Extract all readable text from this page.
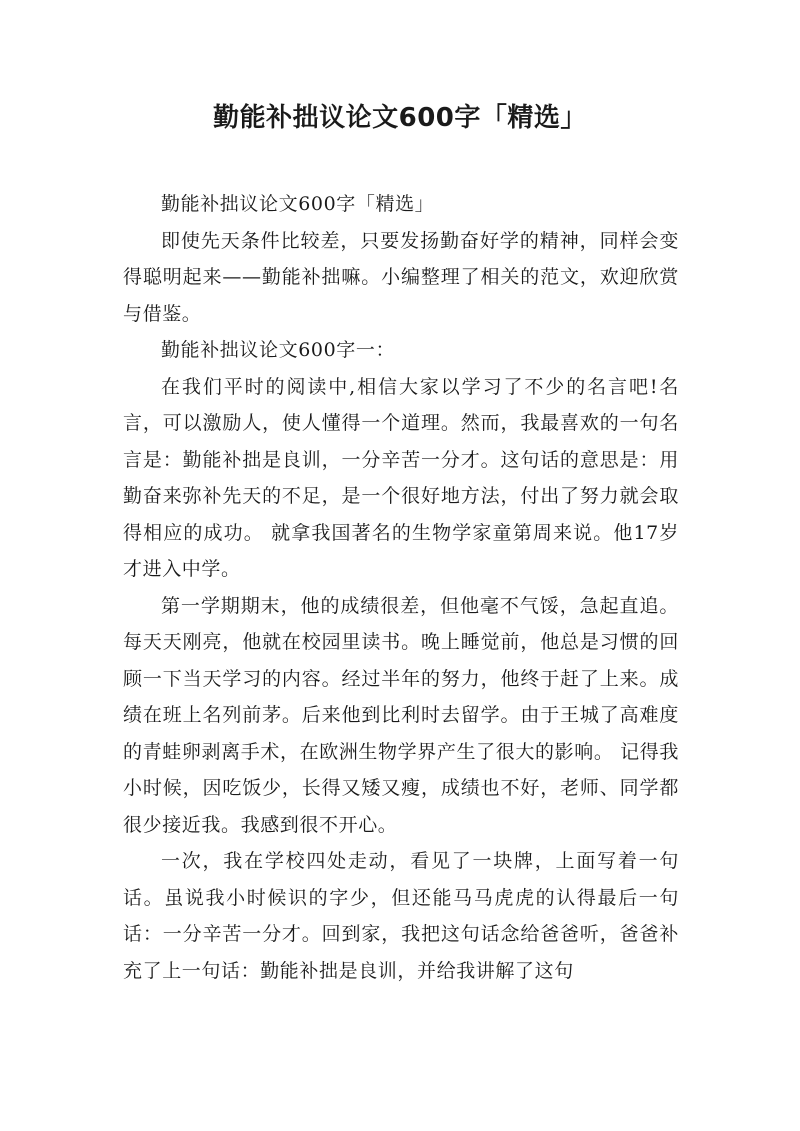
勤能补拙议论文600字「精选」

勤能补拙议论文600字「精选」

即使先天条件比较差，只要发扬勤奋好学的精神，同样会变得聪明起来——勤能补拙嘛。小编整理了相关的范文，欢迎欣赏与借鉴。

勤能补拙议论文600字一：

在我们平时的阅读中,相信大家以学习了不少的名言吧!名言，可以激励人，使人懂得一个道理。然而，我最喜欢的一句名言是：勤能补拙是良训，一分辛苦一分才。这句话的意思是：用勤奋来弥补先天的不足，是一个很好地方法，付出了努力就会取得相应的成功。 就拿我国著名的生物学家童第周来说。他17岁才进入中学。

第一学期期末，他的成绩很差，但他毫不气馁，急起直追。每天天刚亮，他就在校园里读书。晚上睡觉前，他总是习惯的回顾一下当天学习的内容。经过半年的努力，他终于赶了上来。成绩在班上名列前茅。后来他到比利时去留学。由于王城了高难度的青蛙卵剥离手术，在欧洲生物学界产生了很大的影响。 记得我小时候，因吃饭少，长得又矮又瘦，成绩也不好，老师、同学都很少接近我。我感到很不开心。

一次，我在学校四处走动，看见了一块牌，上面写着一句话。虽说我小时候识的字少，但还能马马虎虎的认得最后一句话：一分辛苦一分才。回到家，我把这句话念给爸爸听，爸爸补充了上一句话：勤能补拙是良训，并给我讲解了这句
